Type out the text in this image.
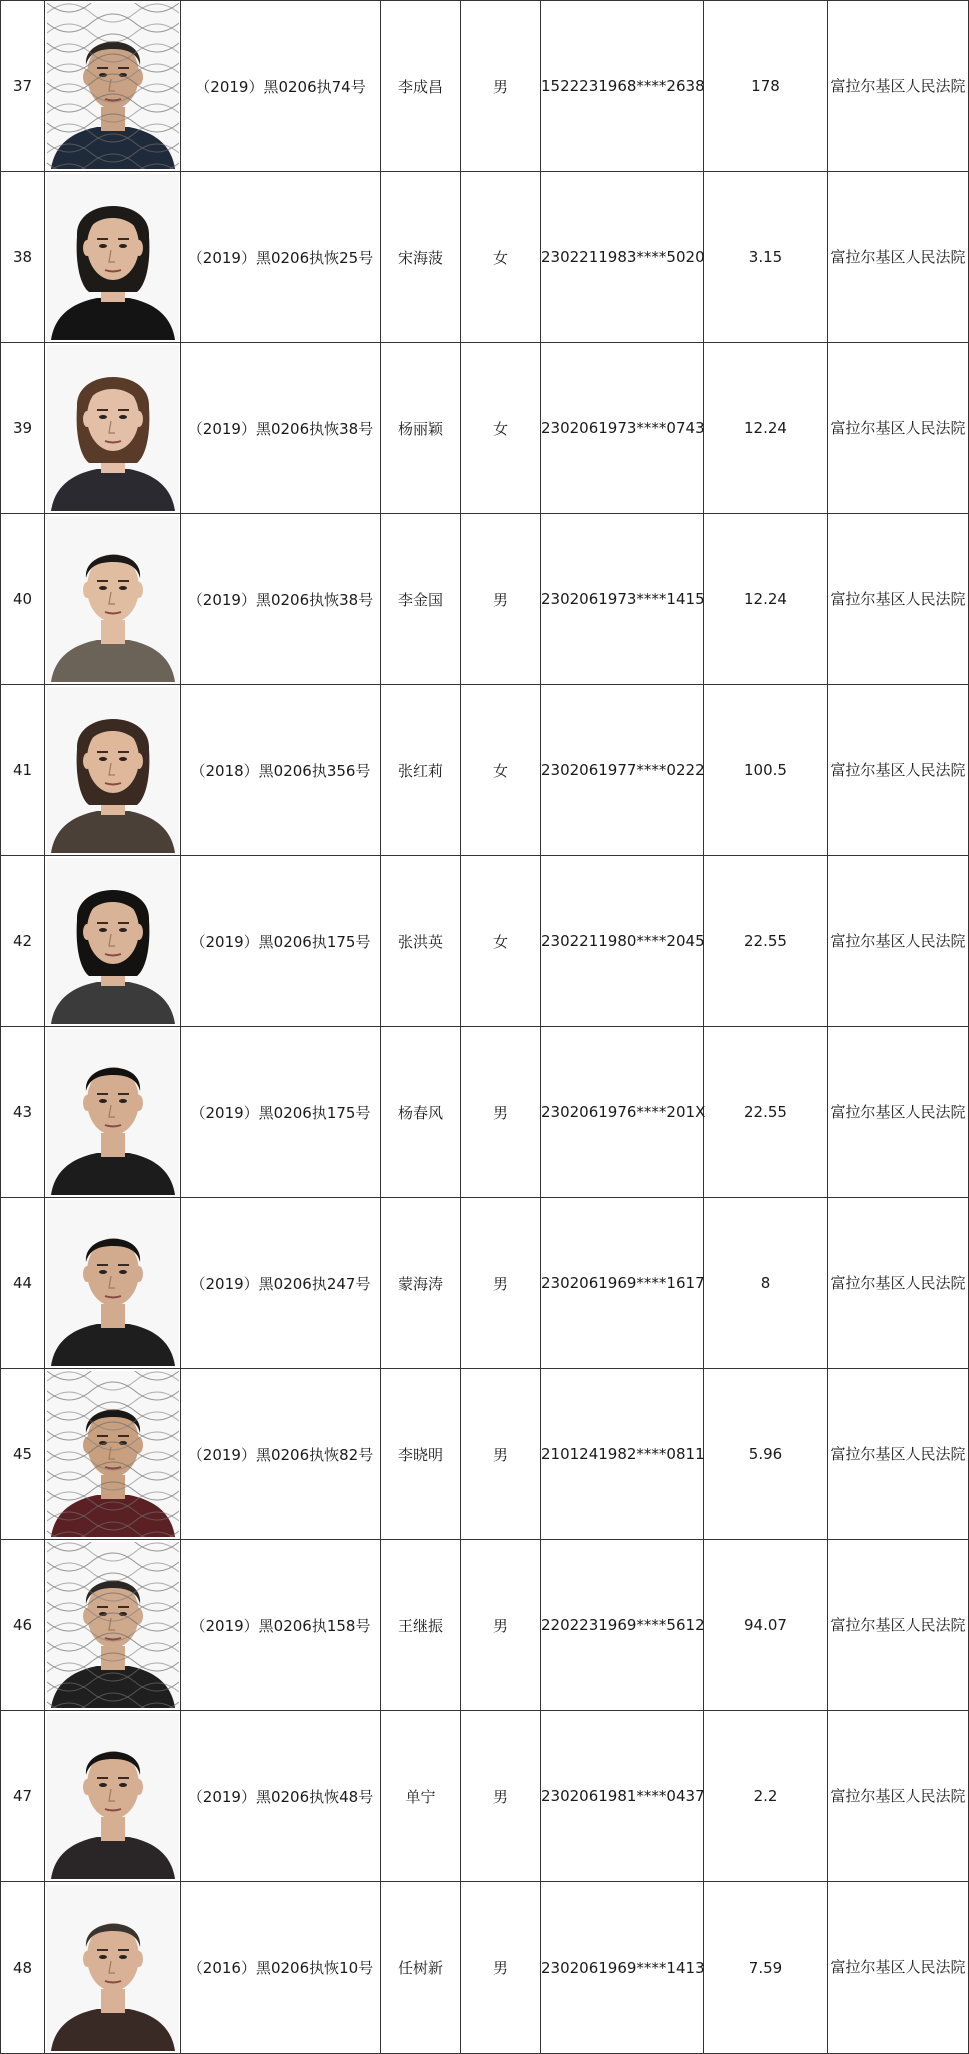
37		（2019）黑0206执74号	李成昌	男	1522231968****2638	178	富拉尔基区人民法院
38		（2019）黑0206执恢25号	宋海菠	女	2302211983****5020	3.15	富拉尔基区人民法院
39		（2019）黑0206执恢38号	杨丽颖	女	2302061973****0743	12.24	富拉尔基区人民法院
40		（2019）黑0206执恢38号	李金国	男	2302061973****1415	12.24	富拉尔基区人民法院
41		（2018）黑0206执356号	张红莉	女	2302061977****0222	100.5	富拉尔基区人民法院
42		（2019）黑0206执175号	张洪英	女	2302211980****2045	22.55	富拉尔基区人民法院
43		（2019）黑0206执175号	杨春风	男	2302061976****201X	22.55	富拉尔基区人民法院
44		（2019）黑0206执247号	蒙海涛	男	2302061969****1617	8	富拉尔基区人民法院
45		（2019）黑0206执恢82号	李晓明	男	2101241982****0811	5.96	富拉尔基区人民法院
46		（2019）黑0206执158号	王继振	男	2202231969****5612	94.07	富拉尔基区人民法院
47		（2019）黑0206执恢48号	单宁	男	2302061981****0437	2.2	富拉尔基区人民法院
48		（2016）黑0206执恢10号	任树新	男	2302061969****1413	7.59	富拉尔基区人民法院
